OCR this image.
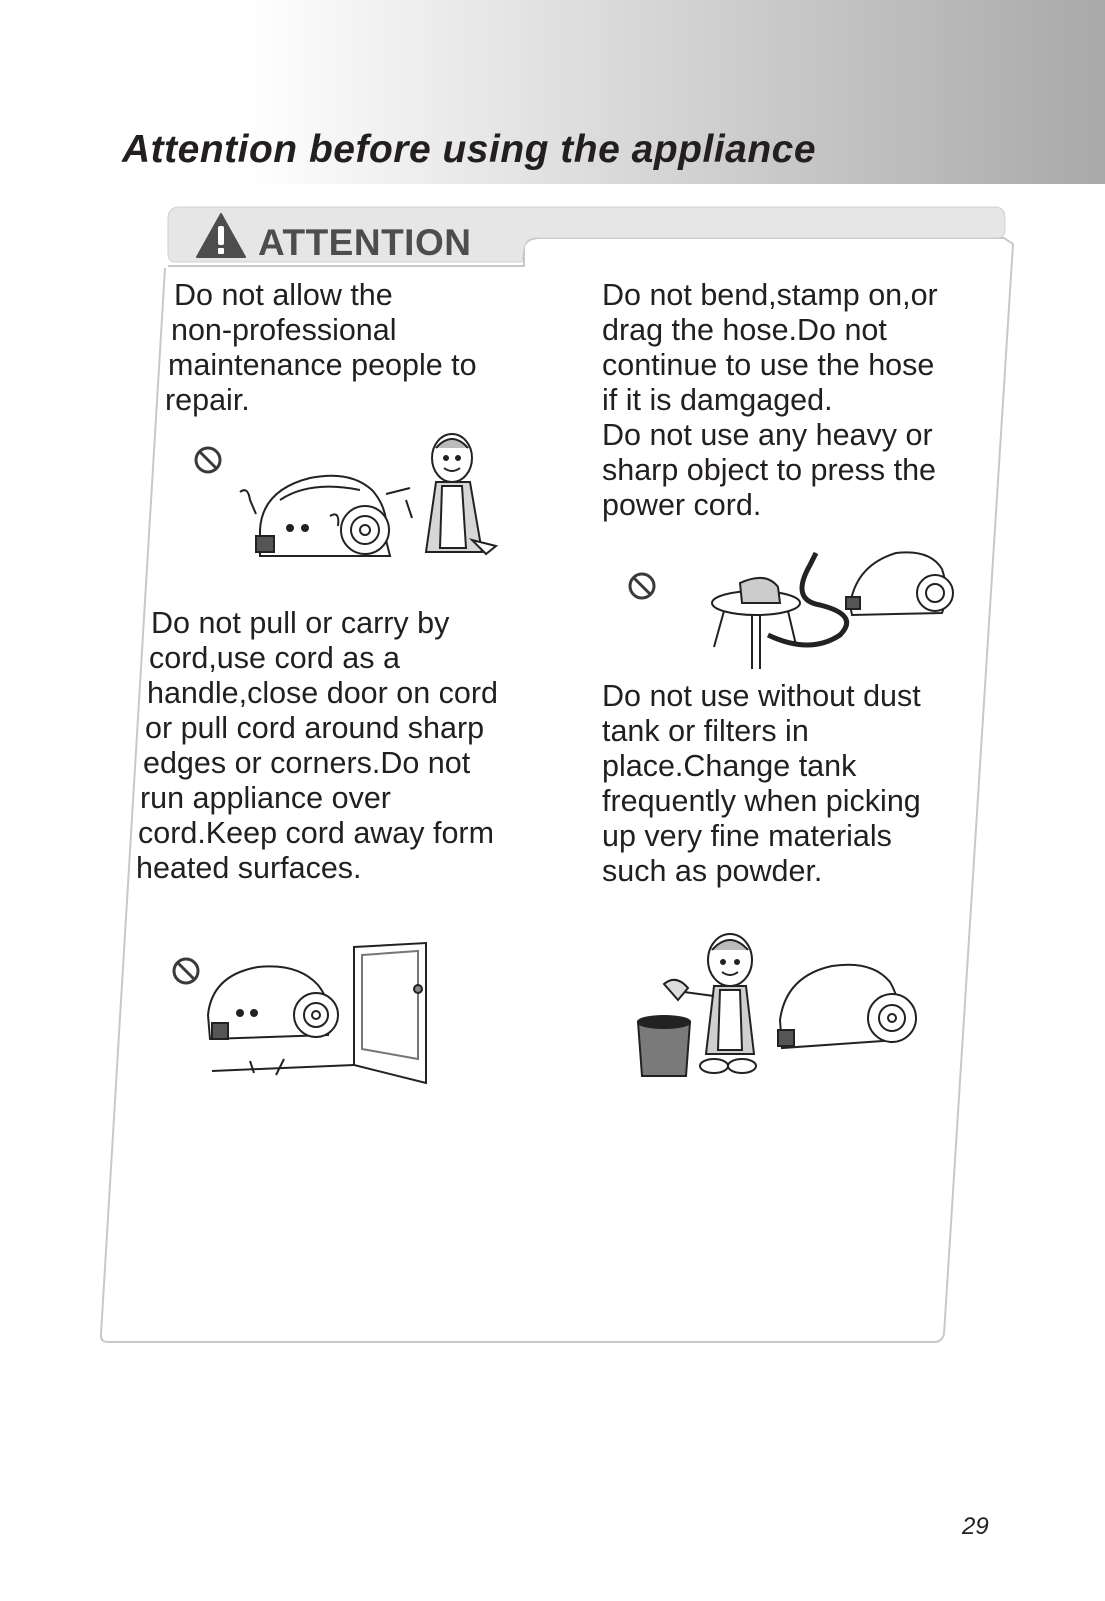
Attention before using the appliance
ATTENTION
Do not allow the
non-professional
maintenance people to
repair.
Do not pull or carry by
cord,use cord as a
handle,close door on cord
or pull cord around sharp
edges or corners.Do not
run appliance over
cord.Keep cord away form
heated surfaces.
Do not bend,stamp on,or
drag the hose.Do not
continue to use the hose
if it is damgaged.
Do not use any heavy or
sharp object to press the
power cord.
Do not use without dust
tank or filters in
place.Change tank
frequently when picking
up very fine materials
such as powder.
29
